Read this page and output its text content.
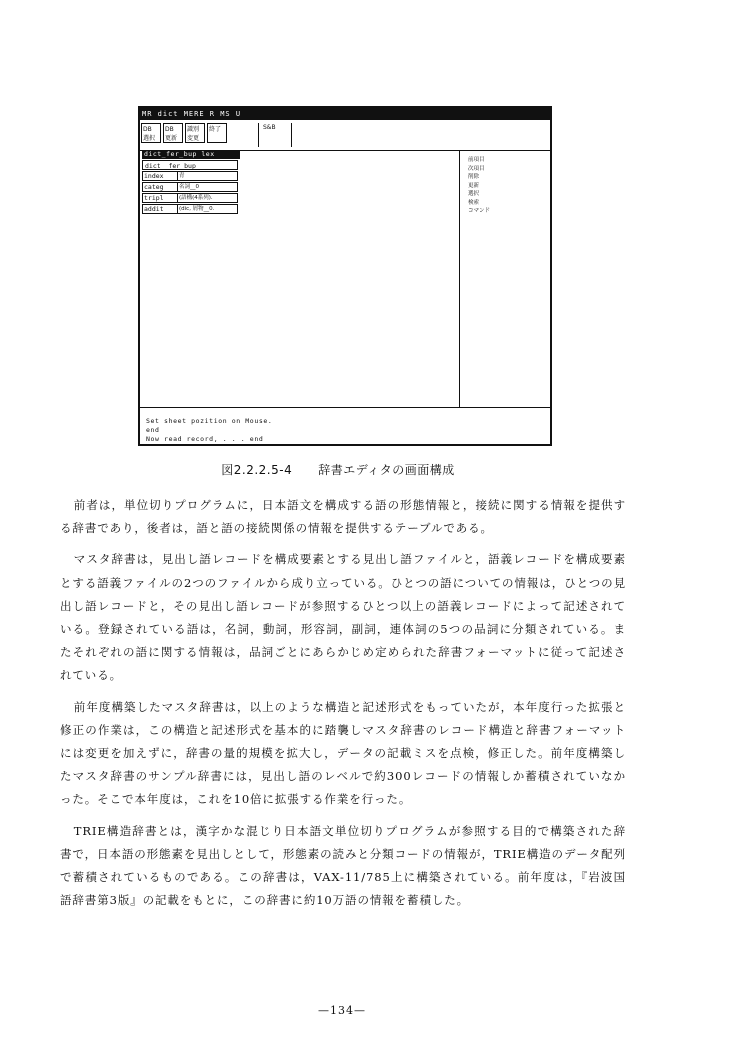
MR dict MERE R MS U
DB
選択
DB
更新
識別
変更
終了	S&B
dict_fer_bup lex
dict__fer_bup
index	青
categ	名詞__0
tripl	(語構(4系列).
addit	(dic, 屑物__0.
前項目
次項目
削除
更新
選択
検索
コマンド
Set sheet pozition on Mouse.
end
Now read record, . . . end
図2.2.2.5-4 辞書エディタの画面構成

前者は，単位切りプログラムに，日本語文を構成する語の形態情報と，接続に関する情報を提供する辞書であり，後者は，語と語の接続関係の情報を提供するテーブルである。

マスタ辞書は，見出し語レコードを構成要素とする見出し語ファイルと，語義レコードを構成要素とする語義ファイルの2つのファイルから成り立っている。ひとつの語についての情報は，ひとつの見出し語レコードと，その見出し語レコードが参照するひとつ以上の語義レコードによって記述されている。登録されている語は，名詞，動詞，形容詞，副詞，連体詞の5つの品詞に分類されている。またそれぞれの語に関する情報は，品詞ごとにあらかじめ定められた辞書フォーマットに従って記述されている。

前年度構築したマスタ辞書は，以上のような構造と記述形式をもっていたが，本年度行った拡張と修正の作業は，この構造と記述形式を基本的に踏襲しマスタ辞書のレコード構造と辞書フォーマットには変更を加えずに，辞書の量的規模を拡大し，データの記載ミスを点検，修正した。前年度構築したマスタ辞書のサンプル辞書には，見出し語のレベルで約300レコードの情報しか蓄積されていなかった。そこで本年度は，これを10倍に拡張する作業を行った。

TRIE構造辞書とは，漢字かな混じり日本語文単位切りプログラムが参照する目的で構築された辞書で，日本語の形態素を見出しとして，形態素の読みと分類コードの情報が，TRIE構造のデータ配列で蓄積されているものである。この辞書は，VAX-11/785上に構築されている。前年度は，『岩波国語辞書第3版』の記載をもとに，この辞書に約10万語の情報を蓄積した。

—134—
